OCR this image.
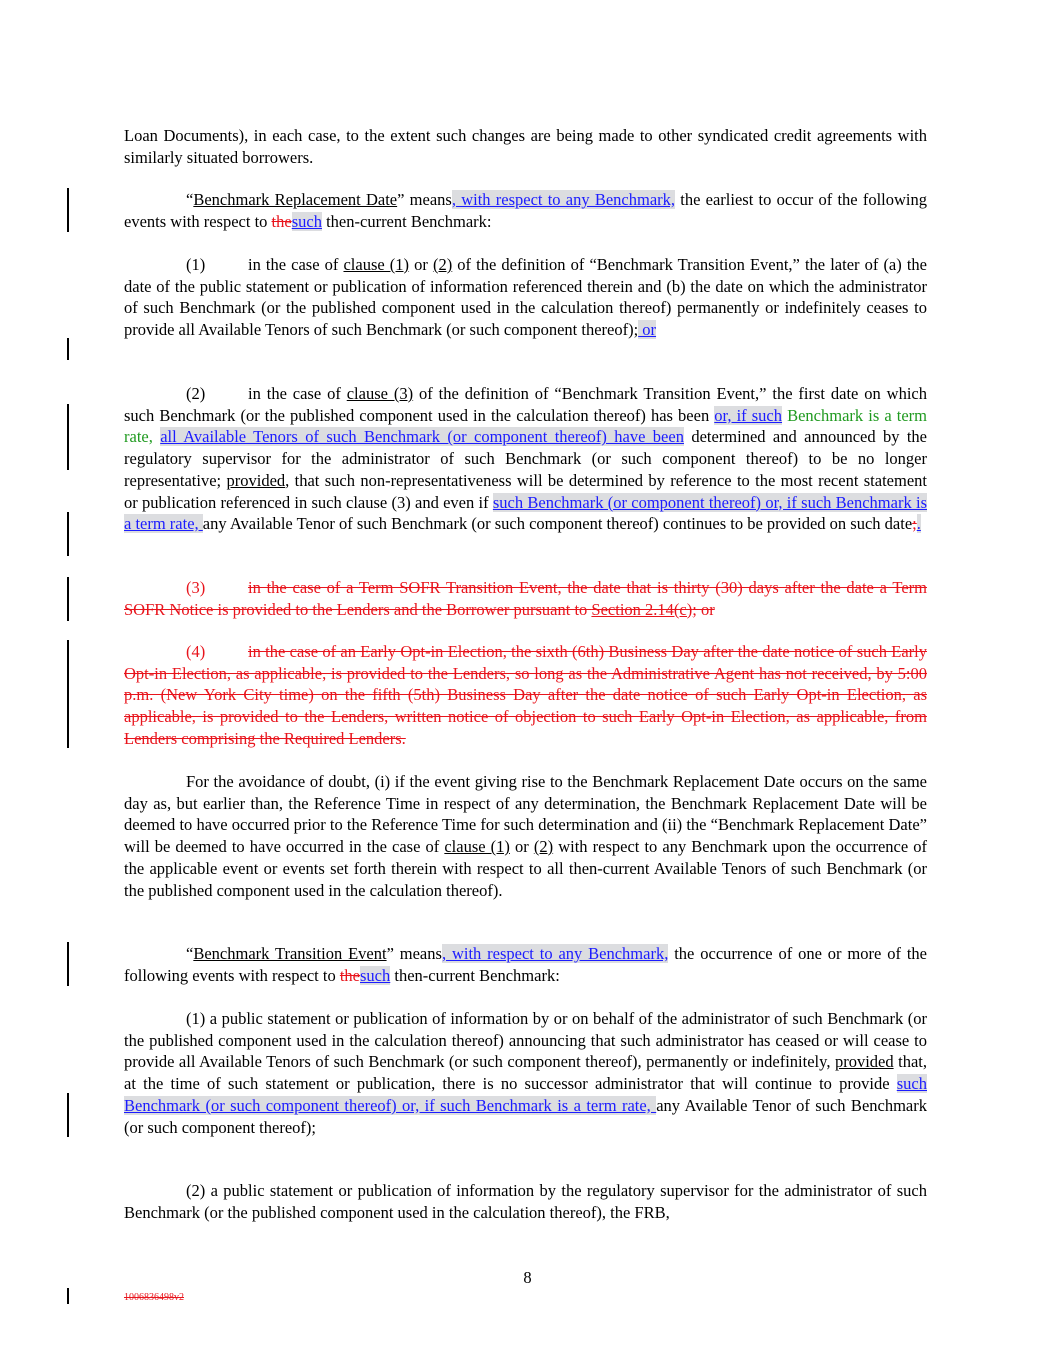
Loan Documents), in each case, to the extent such changes are being made to other syndicated credit agreements with similarly situated borrowers.

“Benchmark Replacement Date” means, with respect to any Benchmark, the earliest to occur of the following events with respect to thesuch then-current Benchmark:

(1)	in the case of clause (1) or (2) of the definition of “Benchmark Transition Event,” the later of (a) the date of the public statement or publication of information referenced therein and (b) the date on which the administrator of such Benchmark (or the published component used in the calculation thereof) permanently or indefinitely ceases to provide all Available Tenors of such Benchmark (or such component thereof); or

(2)	in the case of clause (3) of the definition of “Benchmark Transition Event,” the first date on which such Benchmark (or the published component used in the calculation thereof) has been or, if such Benchmark is a term rate, all Available Tenors of such Benchmark (or component thereof) have been determined and announced by the regulatory supervisor for the administrator of such Benchmark (or such component thereof) to be no longer representative; provided, that such non-representativeness will be determined by reference to the most recent statement or publication referenced in such clause (3) and even if such Benchmark (or component thereof) or, if such Benchmark is a term rate, any Available Tenor of such Benchmark (or such component thereof) continues to be provided on such date;.

(3)	in the case of a Term SOFR Transition Event, the date that is thirty (30) days after the date a Term SOFR Notice is provided to the Lenders and the Borrower pursuant to Section 2.14(c); or

(4)	in the case of an Early Opt-in Election, the sixth (6th) Business Day after the date notice of such Early Opt-in Election, as applicable, is provided to the Lenders, so long as the Administrative Agent has not received, by 5:00 p.m. (New York City time) on the fifth (5th) Business Day after the date notice of such Early Opt-in Election, as applicable, is provided to the Lenders, written notice of objection to such Early Opt-in Election, as applicable, from Lenders comprising the Required Lenders.

For the avoidance of doubt, (i) if the event giving rise to the Benchmark Replacement Date occurs on the same day as, but earlier than, the Reference Time in respect of any determination, the Benchmark Replacement Date will be deemed to have occurred prior to the Reference Time for such determination and (ii) the “Benchmark Replacement Date” will be deemed to have occurred in the case of clause (1) or (2) with respect to any Benchmark upon the occurrence of the applicable event or events set forth therein with respect to all then-current Available Tenors of such Benchmark (or the published component used in the calculation thereof).

“Benchmark Transition Event” means, with respect to any Benchmark, the occurrence of one or more of the following events with respect to thesuch then-current Benchmark:

(1) a public statement or publication of information by or on behalf of the administrator of such Benchmark (or the published component used in the calculation thereof) announcing that such administrator has ceased or will cease to provide all Available Tenors of such Benchmark (or such component thereof), permanently or indefinitely, provided that, at the time of such statement or publication, there is no successor administrator that will continue to provide such Benchmark (or such component thereof) or, if such Benchmark is a term rate, any Available Tenor of such Benchmark (or such component thereof);

(2) a public statement or publication of information by the regulatory supervisor for the administrator of such Benchmark (or the published component used in the calculation thereof), the FRB,

8
1006836498v2
